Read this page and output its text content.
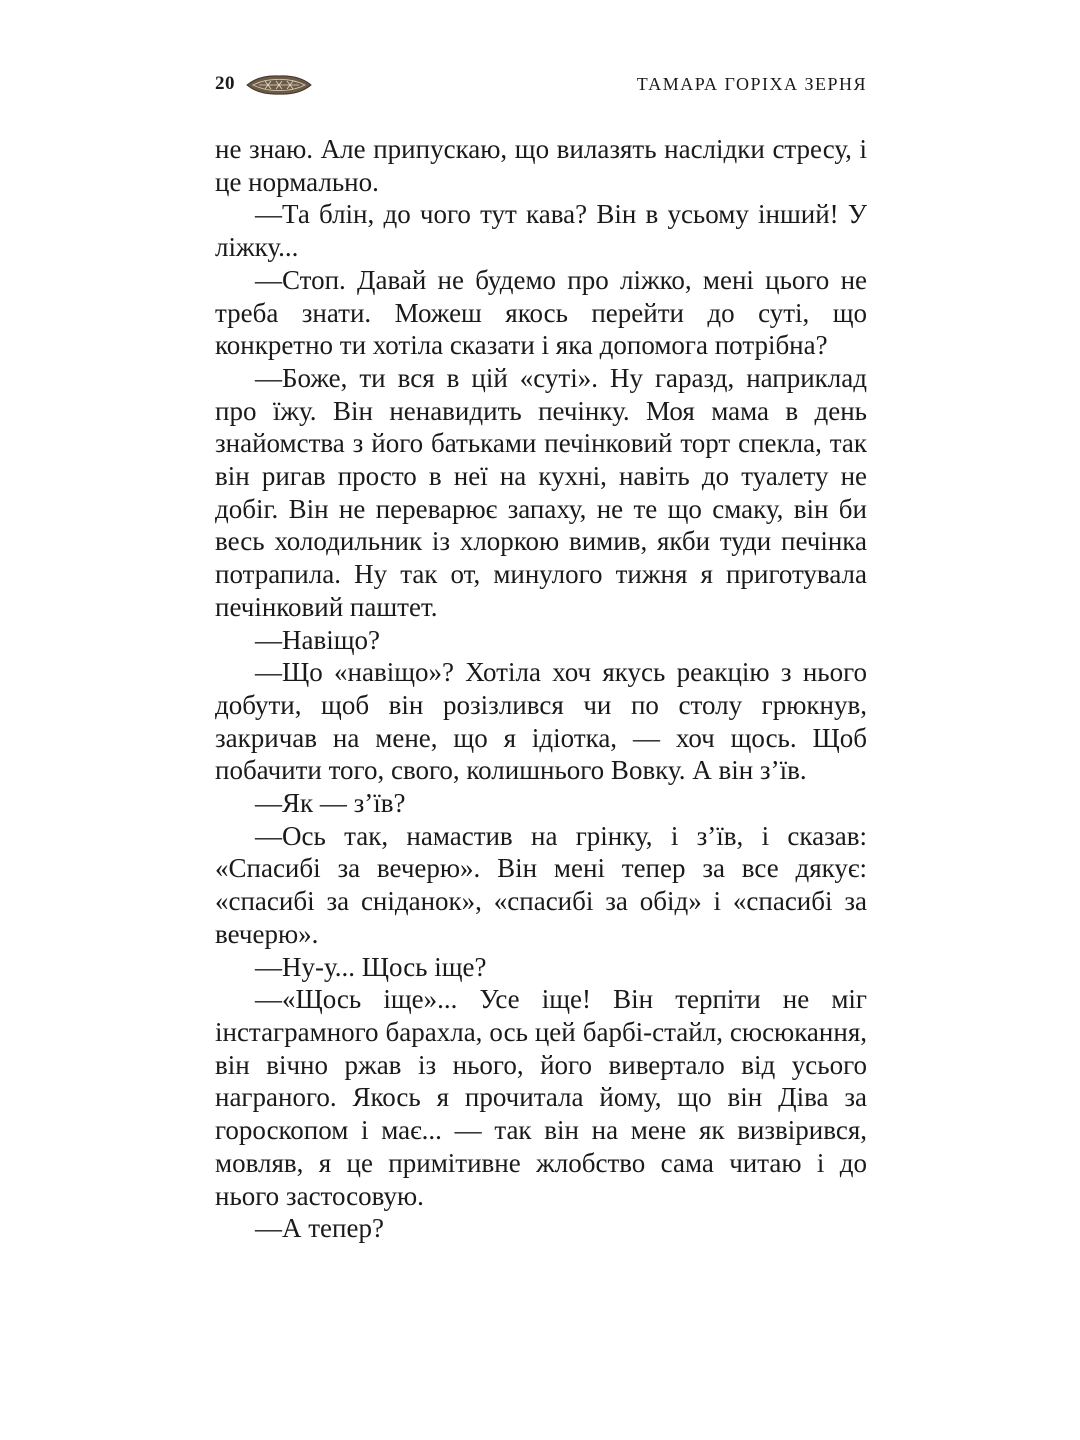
20	ТАМАРА ГОРІХА ЗЕРНЯ

не знаю. Але припускаю, що вилазять наслідки стресу, і це нормально.

—Та блін, до чого тут кава? Він в усьому інший! У ліжку...

—Стоп. Давай не будемо про ліжко, мені цього не треба знати. Можеш якось перейти до суті, що конкретно ти хотіла сказати і яка допомога потрібна?

—Боже, ти вся в цій «суті». Ну гаразд, наприклад про їжу. Він ненавидить печінку. Моя мама в день знайомства з його батьками печінковий торт спекла, так він ригав просто в неї на кухні, навіть до туалету не добіг. Він не переварює запаху, не те що смаку, він би весь холодильник із хлоркою вимив, якби туди печінка потрапила. Ну так от, минулого тижня я приготувала печінковий паштет.

—Навіщо?

—Що «навіщо»? Хотіла хоч якусь реакцію з нього добути, щоб він розізлився чи по столу грюкнув, закричав на мене, що я ідіотка, — хоч щось. Щоб побачити того, свого, колишнього Вовку. А він з’їв.

—Як — з’їв?

—Ось так, намастив на грінку, і з’їв, і сказав: «Спасибі за вечерю». Він мені тепер за все дякує: «спасибі за сніданок», «спасибі за обід» і «спасибі за вечерю».

—Ну-у... Щось іще?

—«Щось іще»... Усе іще! Він терпіти не міг інстаграмного барахла, ось цей барбі-стайл, сюсюкання, він вічно ржав із нього, його вивертало від усього награного. Якось я прочитала йому, що він Діва за гороскопом і має... — так він на мене як визвірився, мовляв, я це примітивне жлобство сама читаю і до нього застосовую.

—А тепер?
